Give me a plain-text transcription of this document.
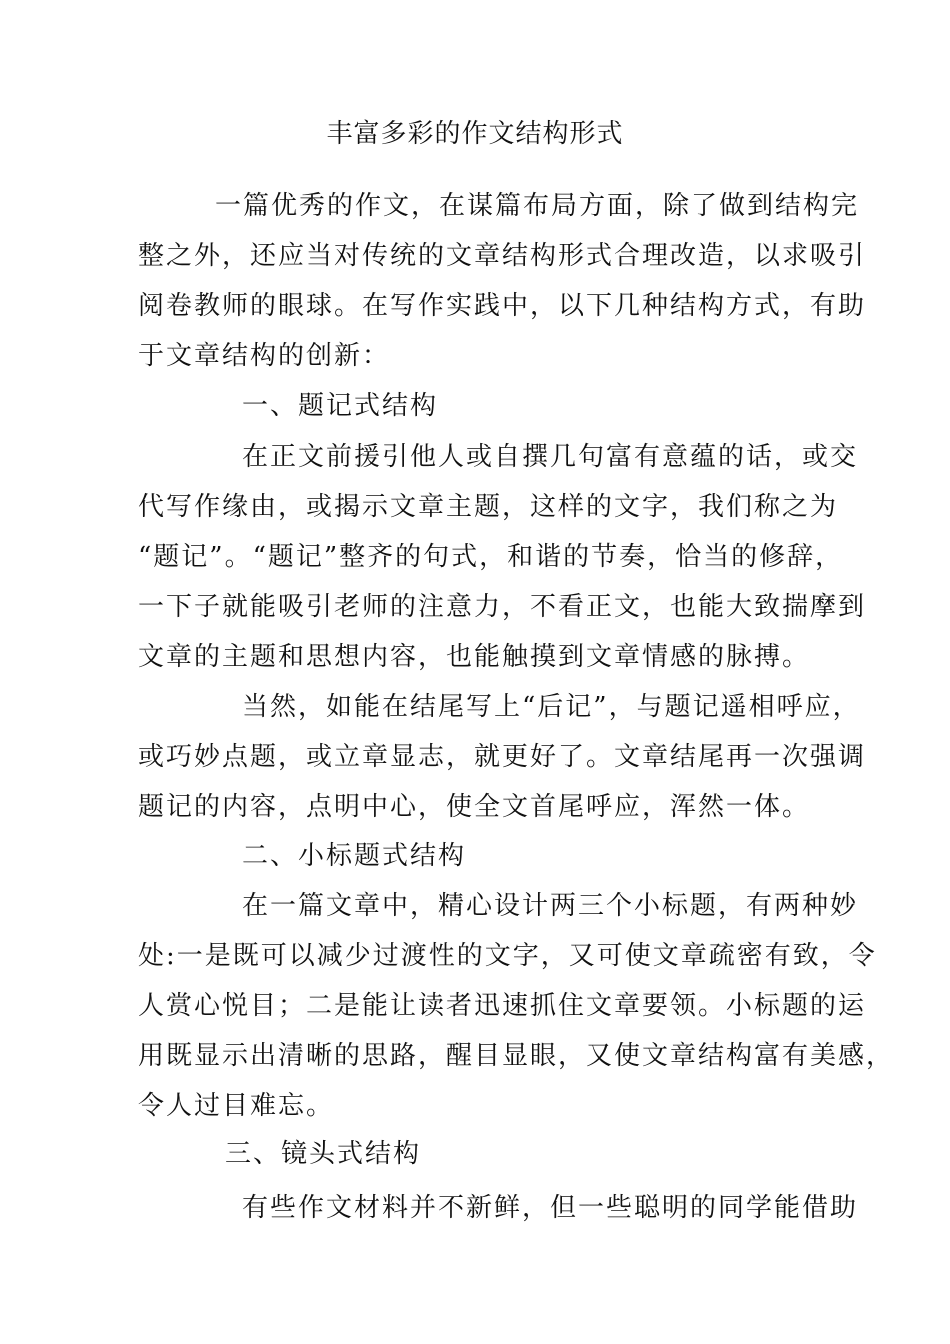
丰富多彩的作文结构形式
一篇优秀的作文，在谋篇布局方面，除了做到结构完
整之外，还应当对传统的文章结构形式合理改造，以求吸引
阅卷教师的眼球。在写作实践中，以下几种结构方式，有助
于文章结构的创新：
一、题记式结构
在正文前援引他人或自撰几句富有意蕴的话，或交
代写作缘由，或揭示文章主题，这样的文字，我们称之为
“题记”。“题记”整齐的句式，和谐的节奏，恰当的修辞，
一下子就能吸引老师的注意力，不看正文，也能大致揣摩到
文章的主题和思想内容，也能触摸到文章情感的脉搏。
当然，如能在结尾写上“后记”，与题记遥相呼应，
或巧妙点题，或立章显志，就更好了。文章结尾再一次强调
题记的内容，点明中心，使全文首尾呼应，浑然一体。
二、小标题式结构
在一篇文章中，精心设计两三个小标题，有两种妙
处:一是既可以减少过渡性的文字，又可使文章疏密有致，令
人赏心悦目；二是能让读者迅速抓住文章要领。小标题的运
用既显示出清晰的思路，醒目显眼，又使文章结构富有美感，
令人过目难忘。
三、镜头式结构
有些作文材料并不新鲜，但一些聪明的同学能借助
